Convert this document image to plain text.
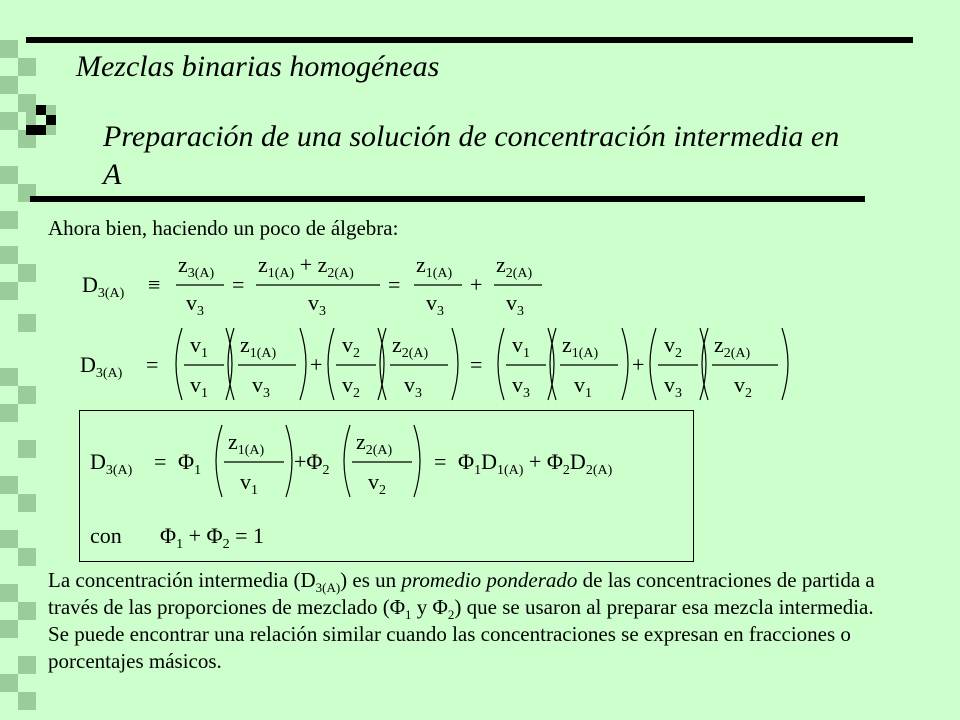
Mezclas binarias homogéneas
Preparación de una solución de concentración intermedia en A
Ahora bien, haciendo un poco de álgebra:
$D_{3(A)}$ ≡
$z_{3(A)}$
$v_3$
=
$z_{1(A)} + z_{2(A)}$
$v_3$
=
$z_{1(A)}$
$v_3$
+
$z_{2(A)}$
$v_3$
$D_{3(A)}$ =
$v_1$
$v_1$
$z_{1(A)}$
$v_3$
+
$v_2$
$v_2$
$z_{2(A)}$
$v_3$
=
$v_1$
$v_3$
$z_{1(A)}$
$v_1$
+
$v_2$
$v_3$
$z_{2(A)}$
$v_2$
$D_{3(A)} = \Phi_1$
$z_{1(A)}$
$v_1$
$+\Phi_2$
$z_{2(A)}$
$v_2$
= $\Phi_1D_{1(A)} + \Phi_2D_{2(A)}$
con $\Phi_1 + \Phi_2 = 1$
La concentración intermedia $(D_{3(A)})$ es un promedio ponderado de las concentraciones de partida a través de las proporciones de mezclado ($\Phi_1$ y $\Phi_2$) que se usaron al preparar esa mezcla intermedia.
Se puede encontrar una relación similar cuando las concentraciones se expresan en fracciones o porcentajes másicos.
